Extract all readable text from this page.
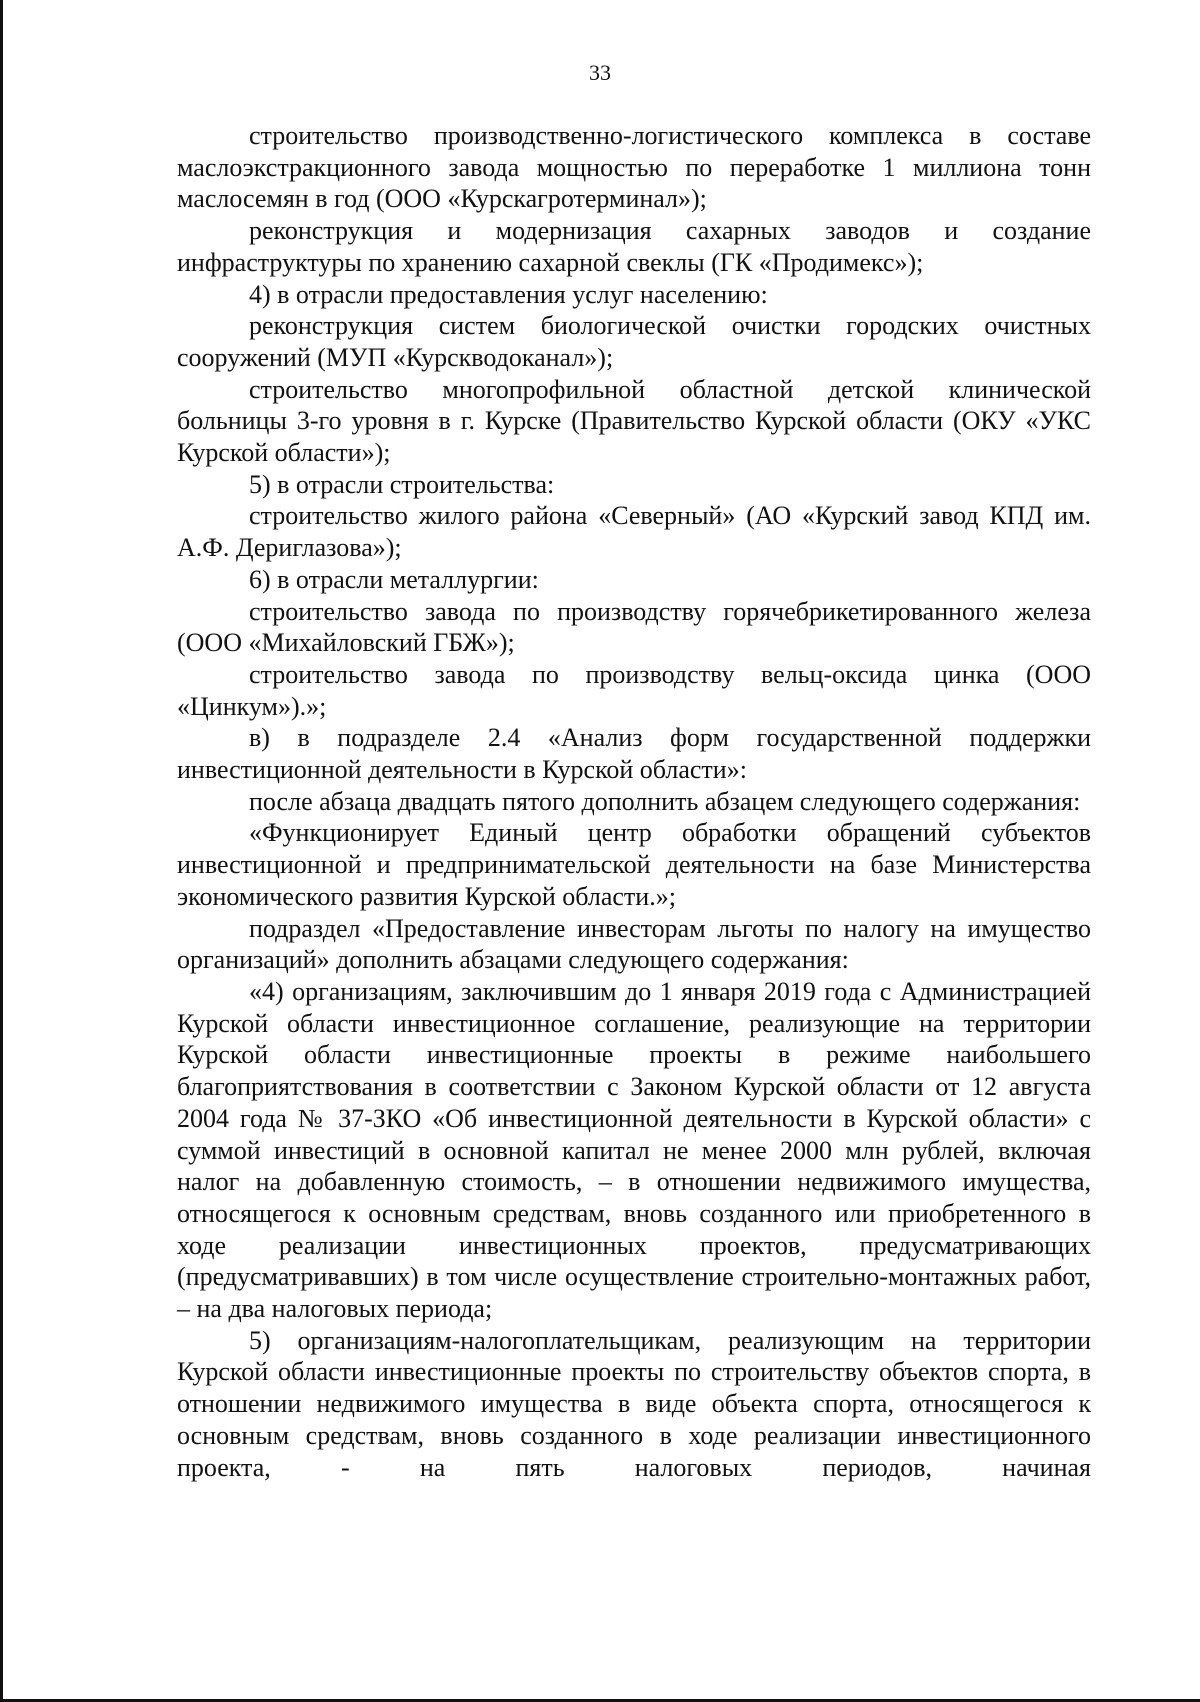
33

строительство производственно-логистического комплекса в составе маслоэкстракционного завода мощностью по переработке 1 миллиона тонн маслосемян в год (ООО «Курскагротерминал»);

реконструкция и модернизация сахарных заводов и создание инфраструктуры по хранению сахарной свеклы (ГК «Продимекс»);

4) в отрасли предоставления услуг населению:

реконструкция систем биологической очистки городских очистных сооружений (МУП «Курскводоканал»);

строительство многопрофильной областной детской клинической больницы 3-го уровня в г. Курске (Правительство Курской области (ОКУ «УКС Курской области»);

5) в отрасли строительства:

строительство жилого района «Северный» (АО «Курский завод КПД им. А.Ф. Дериглазова»);

6) в отрасли металлургии:

строительство завода по производству горячебрикетированного железа (ООО «Михайловский ГБЖ»);

строительство завода по производству вельц-оксида цинка (ООО «Цинкум»).»;

в) в подразделе 2.4 «Анализ форм государственной поддержки инвестиционной деятельности в Курской области»:

после абзаца двадцать пятого дополнить абзацем следующего содержания:

«Функционирует Единый центр обработки обращений субъектов инвестиционной и предпринимательской деятельности на базе Министерства экономического развития Курской области.»;

подраздел «Предоставление инвесторам льготы по налогу на имущество организаций» дополнить абзацами следующего содержания:

«4) организациям, заключившим до 1 января 2019 года с Администрацией Курской области инвестиционное соглашение, реализующие на территории Курской области инвестиционные проекты в режиме наибольшего благоприятствования в соответствии с Законом Курской области от 12 августа 2004 года № 37-ЗКО «Об инвестиционной деятельности в Курской области» с суммой инвестиций в основной капитал не менее 2000 млн рублей, включая налог на добавленную стоимость, – в отношении недвижимого имущества, относящегося к основным средствам, вновь созданного или приобретенного в ходе реализации инвестиционных проектов, предусматривающих (предусматривавших) в том числе осуществление строительно-монтажных работ, – на два налоговых периода;

5) организациям-налогоплательщикам, реализующим на территории Курской области инвестиционные проекты по строительству объектов спорта, в отношении недвижимого имущества в виде объекта спорта, относящегося к основным средствам, вновь созданного в ходе реализации инвестиционного проекта, - на пять налоговых периодов, начиная
